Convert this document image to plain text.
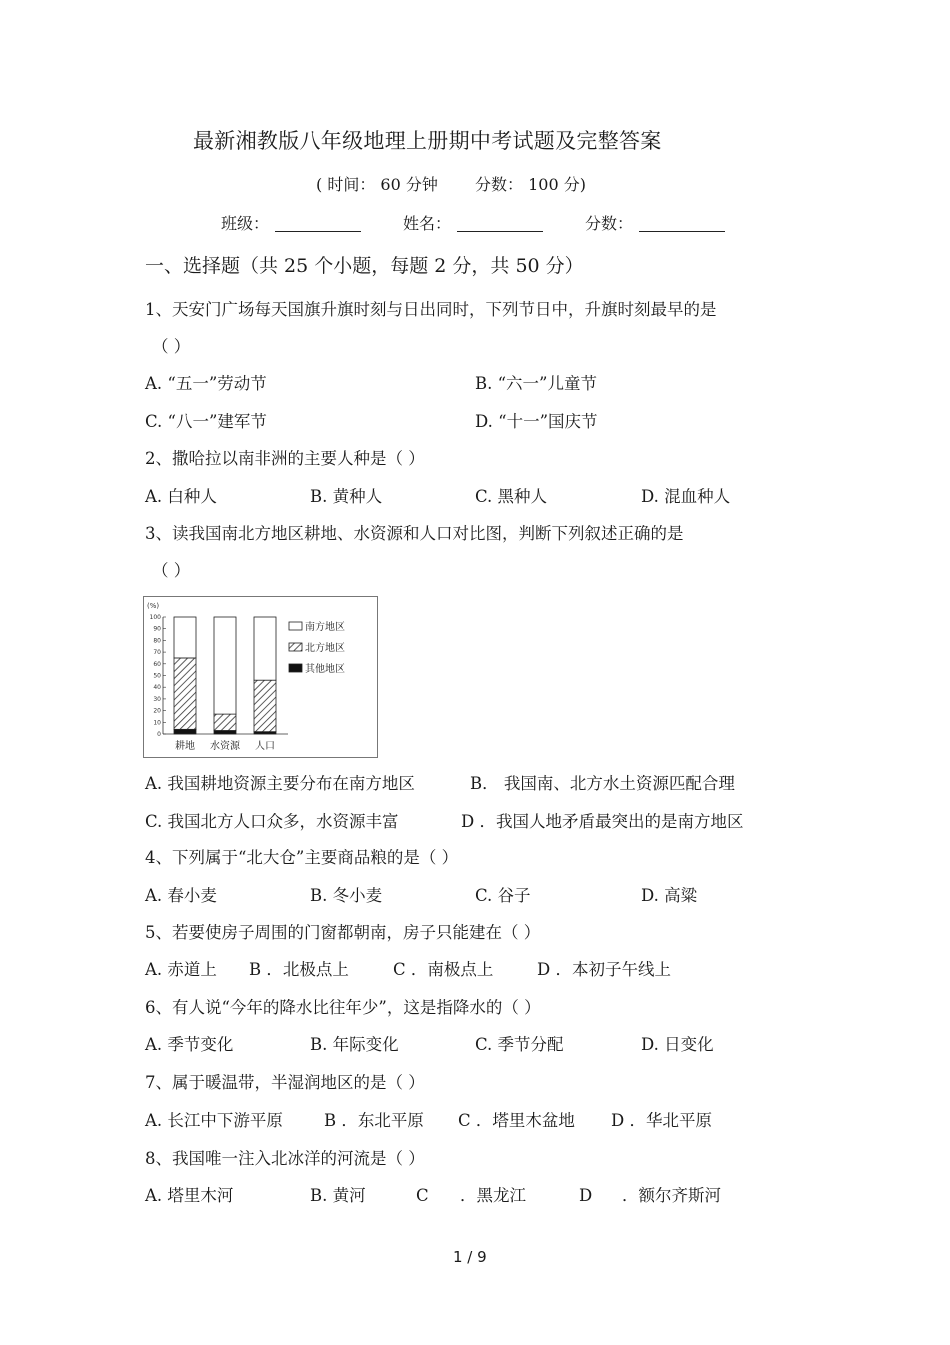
最新湘教版八年级地理上册期中考试题及完整答案
( 时间： 60 分钟 分数： 100 分)
班级：	姓名：	分数：
一、选择题（共 25 个小题，每题 2 分，共 50 分）
1、天安门广场每天国旗升旗时刻与日出同时，下列节日中，升旗时刻最早的是
（ ）
A. “五一”劳动节	B. “六一”儿童节
C. “八一”建军节	D. “十一”国庆节
2、撒哈拉以南非洲的主要人种是（ ）
A. 白种人	B. 黄种人	C. 黑种人	D. 混血种人
3、读我国南北方地区耕地、水资源和人口对比图，判断下列叙述正确的是
（ ）
(%)
100
90
80
70
60
50
40
30
20
10
0
耕地 水资源 人口
南方地区
北方地区
其他地区
A. 我国耕地资源主要分布在南方地区	B． 我国南、北方水土资源匹配合理
C. 我国北方人口众多，水资源丰富	D ．我国人地矛盾最突出的是南方地区
4、下列属于“北大仓”主要商品粮的是（ ）
A. 春小麦	B. 冬小麦	C. 谷子	D. 高粱
5、若要使房子周围的门窗都朝南，房子只能建在（ ）
A. 赤道上 B ．北极点上	C ．南极点上	D ．本初子午线上
6、有人说“今年的降水比往年少”，这是指降水的（ ）
A. 季节变化	B. 年际变化	C. 季节分配	D. 日变化
7、属于暖温带，半湿润地区的是（ ）
A. 长江中下游平原 B ．东北平原 C ．塔里木盆地 D ．华北平原
8、我国唯一注入北冰洋的河流是（ ）
A. 塔里木河	B. 黄河	C ．黑龙江	D ．额尔齐斯河
1 / 9
